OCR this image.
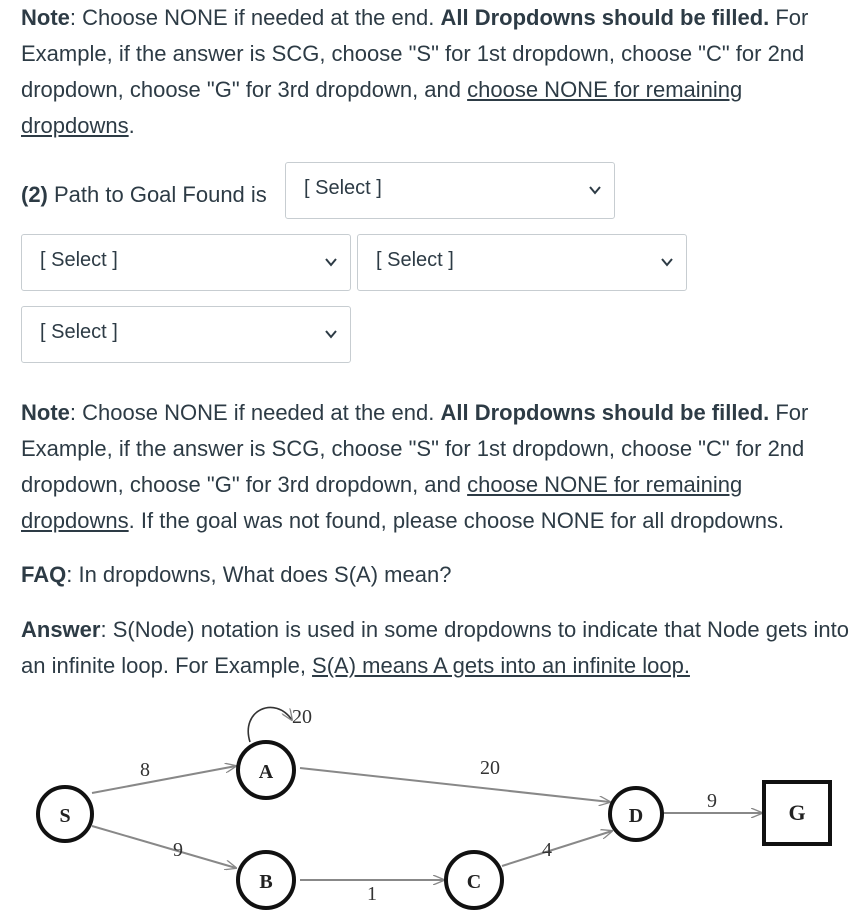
Note: Choose NONE if needed at the end. All Dropdowns should be filled. For Example, if the answer is SCG, choose "S" for 1st dropdown, choose "C" for 2nd dropdown, choose "G" for 3rd dropdown, and choose NONE for remaining dropdowns.

(2) Path to Goal Found is [ Select ]
[ Select ]	[ Select ]
[ Select ]

Note: Choose NONE if needed at the end. All Dropdowns should be filled. For Example, if the answer is SCG, choose "S" for 1st dropdown, choose "C" for 2nd dropdown, choose "G" for 3rd dropdown, and choose NONE for remaining dropdowns. If the goal was not found, please choose NONE for all dropdowns.

FAQ: In dropdowns, What does S(A) mean?

Answer: S(Node) notation is used in some dropdowns to indicate that Node gets into an infinite loop. For Example, S(A) means A gets into an infinite loop.

S
A
B	C
D	G
8
9
20
20
1
4
9
